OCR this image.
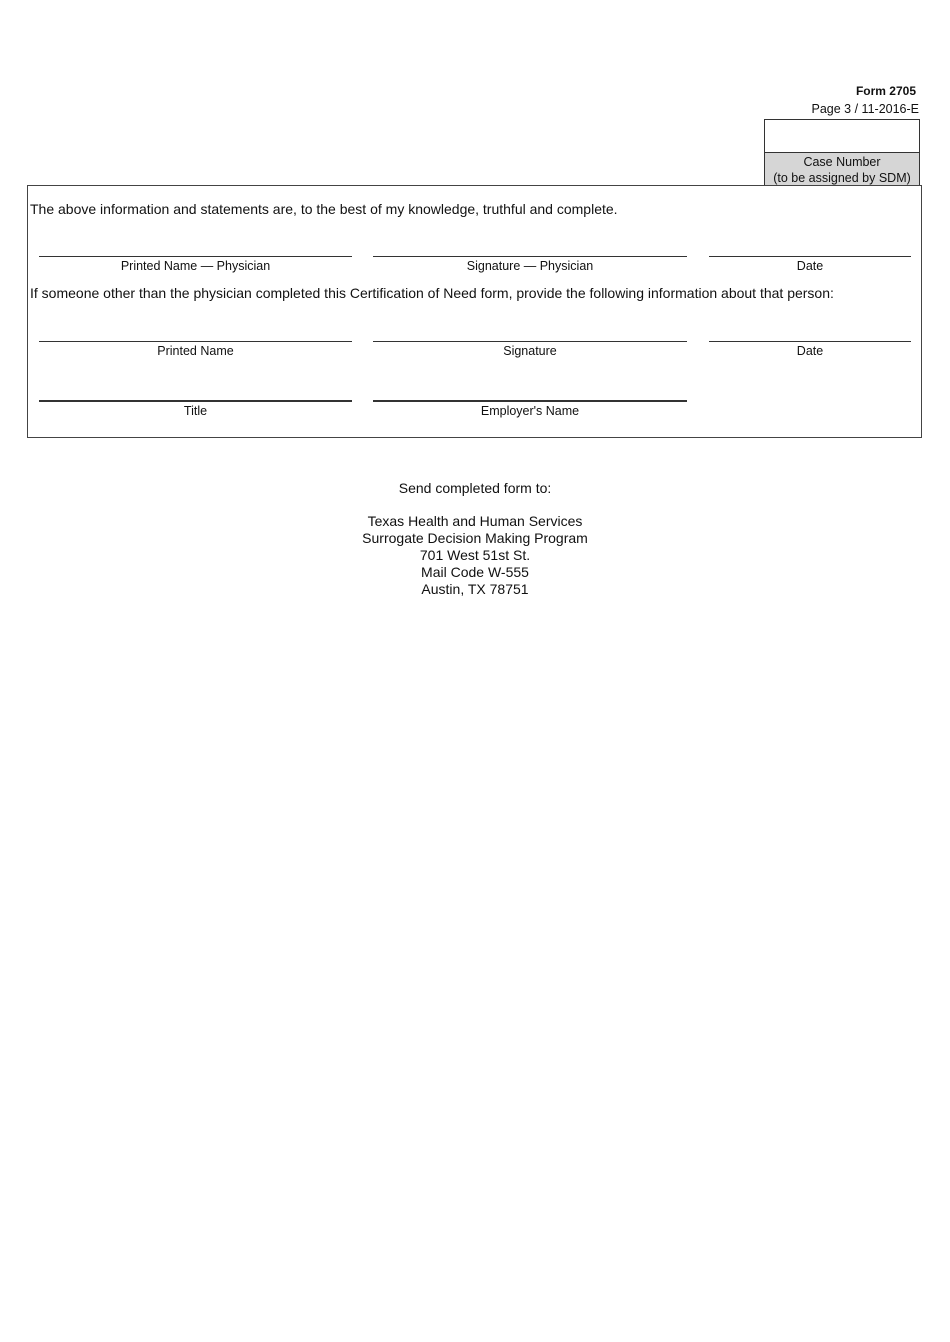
Form 2705
Page 3 / 11-2016-E
Case Number
(to be assigned by SDM)
The above information and statements are, to the best of my knowledge, truthful and complete.
Printed Name — Physician	Signature — Physician	Date
If someone other than the physician completed this Certification of Need form, provide the following information about that person:
Printed Name	Signature	Date
Title	Employer's Name
Send completed form to:
Texas Health and Human Services
Surrogate Decision Making Program
701 West 51st St.
Mail Code W-555
Austin, TX 78751
